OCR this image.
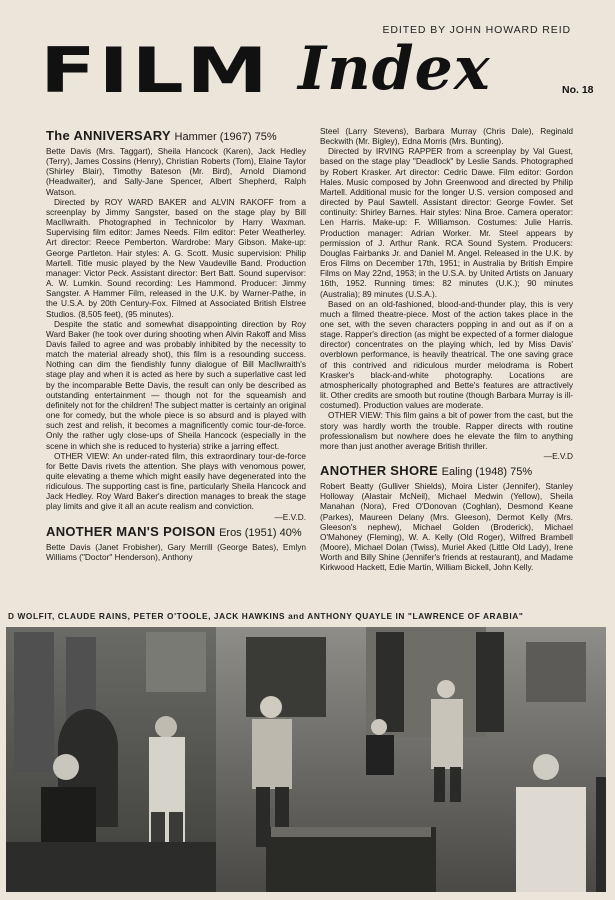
EDITED BY JOHN HOWARD REID
FILM Index	No. 18
The ANNIVERSARY Hammer (1967) 75%

Bette Davis (Mrs. Taggart), Sheila Hancock (Karen), Jack Hedley (Terry), James Cossins (Henry), Christian Roberts (Tom), Elaine Taylor (Shirley Blair), Timothy Bateson (Mr. Bird), Arnold Diamond (Headwaiter), and Sally-Jane Spencer, Albert Shepherd, Ralph Watson.

Directed by ROY WARD BAKER and ALVIN RAKOFF from a screenplay by Jimmy Sangster, based on the stage play by Bill MacIlwraith. Photographed in Technicolor by Harry Waxman. Supervising film editor: James Needs. Film editor: Peter Weatherley. Art director: Reece Pemberton. Wardrobe: Mary Gibson. Make-up: George Partleton. Hair styles: A. G. Scott. Music supervision: Philip Martell. Title music played by the New Vaudeville Band. Production manager: Victor Peck. Assistant director: Bert Batt. Sound supervisor: A. W. Lumkin. Sound recording: Les Hammond. Producer: Jimmy Sangster. A Hammer Film, released in the U.K. by Warner-Pathe, in the U.S.A. by 20th Century-Fox. Filmed at Associated British Elstree Studios. (8,505 feet), (95 minutes).

Despite the static and somewhat disappointing direction by Roy Ward Baker (he took over during shooting when Alvin Rakoff and Miss Davis failed to agree and was probably inhibited by the necessity to match the material already shot), this film is a resounding success. Nothing can dim the fiendishly funny dialogue of Bill MacIlwraith's stage play and when it is acted as here by such a superlative cast led by the incomparable Bette Davis, the result can only be described as outstanding entertainment — though not for the squeamish and definitely not for the children! The subject matter is certainly an original one for comedy, but the whole piece is so absurd and is played with such zest and relish, it becomes a magnificently comic tour-de-force. Only the rather ugly close-ups of Sheila Hancock (especially in the scene in which she is reduced to hysteria) strike a jarring effect.

OTHER VIEW: An under-rated film, this extraordinary tour-de-force for Bette Davis rivets the attention. She plays with venomous power, quite elevating a theme which might easily have degenerated into the ridiculous. The supporting cast is fine, particularly Sheila Hancock and Jack Hedley. Roy Ward Baker's direction manages to break the stage play limits and give it all an acute realism and conviction.

—E.V.D.
ANOTHER MAN'S POISON Eros (1951) 40%

Bette Davis (Janet Frobisher), Gary Merrill (George Bates), Emlyn Williams ("Doctor" Henderson), Anthony

Steel (Larry Stevens), Barbara Murray (Chris Dale), Reginald Beckwith (Mr. Bigley), Edna Morris (Mrs. Bunting).

Directed by IRVING RAPPER from a screenplay by Val Guest, based on the stage play "Deadlock" by Leslie Sands. Photographed by Robert Krasker. Art director: Cedric Dawe. Film editor: Gordon Hales. Music composed by John Greenwood and directed by Philip Martell. Additional music for the longer U.S. version composed and directed by Paul Sawtell. Assistant director: George Fowler. Set continuity: Shirley Barnes. Hair styles: Nina Broe. Camera operator: Len Harris. Make-up: F. Williamson. Costumes: Julie Harris. Production manager: Adrian Worker. Mr. Steel appears by permission of J. Arthur Rank. RCA Sound System. Producers: Douglas Fairbanks Jr. and Daniel M. Angel. Released in the U.K. by Eros Films on December 17th, 1951; in Australia by British Empire Films on May 22nd, 1953; in the U.S.A. by United Artists on January 16th, 1952. Running times: 82 minutes (U.K.); 90 minutes (Australia); 89 minutes (U.S.A.).

Based on an old-fashioned, blood-and-thunder play, this is very much a filmed theatre-piece. Most of the action takes place in the one set, with the seven characters popping in and out as if on a stage. Rapper's direction (as might be expected of a former dialogue director) concentrates on the playing which, led by Miss Davis' overblown performance, is heavily theatrical. The one saving grace of this contrived and ridiculous murder melodrama is Robert Krasker's black-and-white photography. Locations are atmospherically photographed and Bette's features are attractively lit. Other credits are smooth but routine (though Barbara Murray is ill-costumed). Production values are moderate.

OTHER VIEW: This film gains a bit of power from the cast, but the story was hardly worth the trouble. Rapper directs with routine professionalism but nowhere does he elevate the film to anything more than just another average British thriller.

—E.V.D
ANOTHER SHORE Ealing (1948) 75%

Robert Beatty (Gulliver Shields), Moira Lister (Jennifer), Stanley Holloway (Alastair McNeil), Michael Medwin (Yellow), Sheila Manahan (Nora), Fred O'Donovan (Coghlan), Desmond Keane (Parkes), Maureen Delany (Mrs. Gleeson), Dermot Kelly (Mrs. Gleeson's nephew), Michael Golden (Broderick), Michael O'Mahoney (Fleming), W. A. Kelly (Old Roger), Wilfred Brambell (Moore), Michael Dolan (Twiss), Muriel Aked (Little Old Lady), Irene Worth and Billy Shine (Jennifer's friends at restaurant), and Madame Kirkwood Hackett, Edie Martin, William Bickell, John Kelly.

D WOLFIT, CLAUDE RAINS, PETER O'TOOLE, JACK HAWKINS and ANTHONY QUAYLE IN "LAWRENCE OF ARABIA"
